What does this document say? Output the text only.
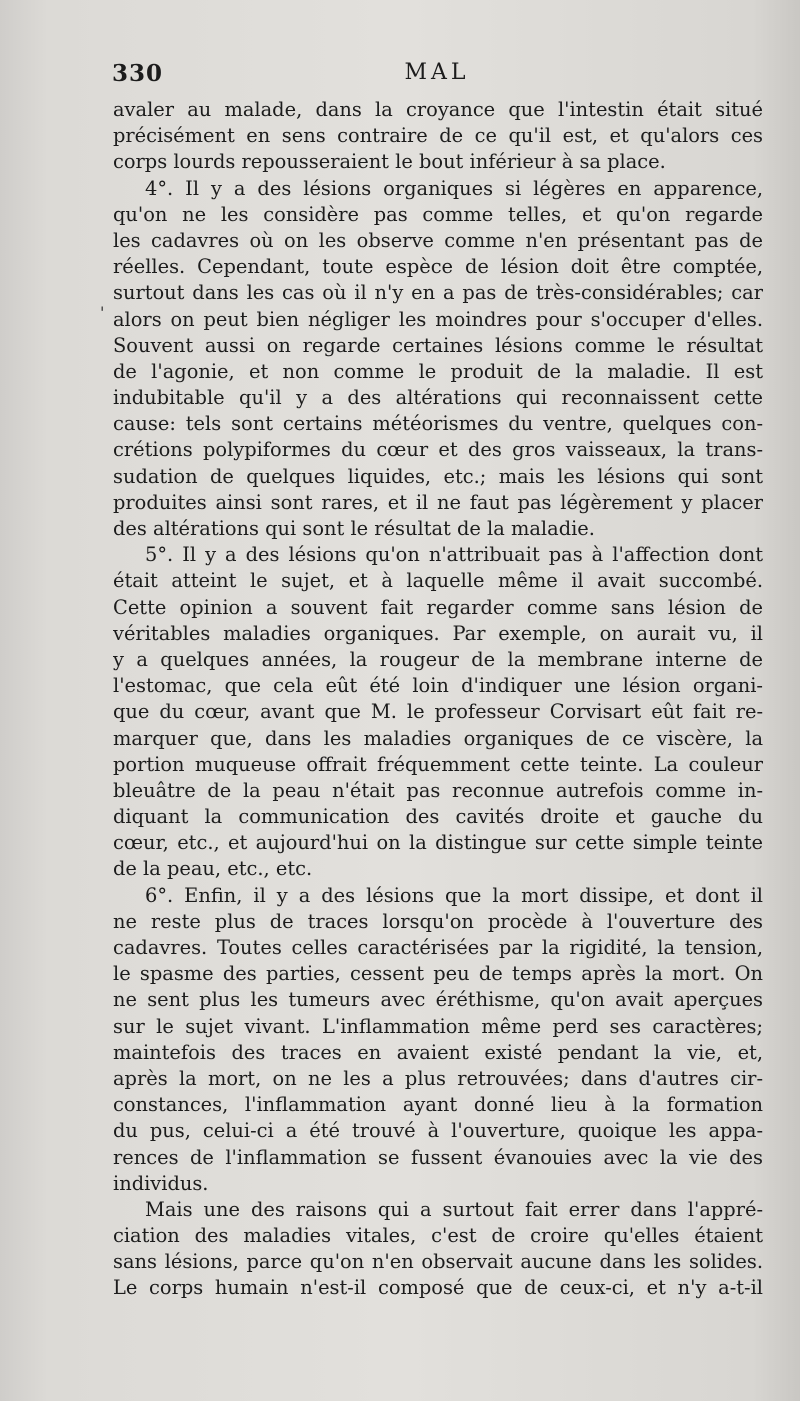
330	MAL
'
avaler au malade, dans la croyance que l'intestin était situé
précisément en sens contraire de ce qu'il est, et qu'alors ces
corps lourds repousseraient le bout inférieur à sa place.
4°. Il y a des lésions organiques si légères en apparence,
qu'on ne les considère pas comme telles, et qu'on regarde
les cadavres où on les observe comme n'en présentant pas de
réelles. Cependant, toute espèce de lésion doit être comptée,
surtout dans les cas où il n'y en a pas de très-considérables; car
alors on peut bien négliger les moindres pour s'occuper d'elles.
Souvent aussi on regarde certaines lésions comme le résultat
de l'agonie, et non comme le produit de la maladie. Il est
indubitable qu'il y a des altérations qui reconnaissent cette
cause: tels sont certains météorismes du ventre, quelques con-
crétions polypiformes du cœur et des gros vaisseaux, la trans-
sudation de quelques liquides, etc.; mais les lésions qui sont
produites ainsi sont rares, et il ne faut pas légèrement y placer
des altérations qui sont le résultat de la maladie.
5°. Il y a des lésions qu'on n'attribuait pas à l'affection dont
était atteint le sujet, et à laquelle même il avait succombé.
Cette opinion a souvent fait regarder comme sans lésion de
véritables maladies organiques. Par exemple, on aurait vu, il
y a quelques années, la rougeur de la membrane interne de
l'estomac, que cela eût été loin d'indiquer une lésion organi-
que du cœur, avant que M. le professeur Corvisart eût fait re-
marquer que, dans les maladies organiques de ce viscère, la
portion muqueuse offrait fréquemment cette teinte. La couleur
bleuâtre de la peau n'était pas reconnue autrefois comme in-
diquant la communication des cavités droite et gauche du
cœur, etc., et aujourd'hui on la distingue sur cette simple teinte
de la peau, etc., etc.
6°. Enfin, il y a des lésions que la mort dissipe, et dont il
ne reste plus de traces lorsqu'on procède à l'ouverture des
cadavres. Toutes celles caractérisées par la rigidité, la tension,
le spasme des parties, cessent peu de temps après la mort. On
ne sent plus les tumeurs avec éréthisme, qu'on avait aperçues
sur le sujet vivant. L'inflammation même perd ses caractères;
maintefois des traces en avaient existé pendant la vie, et,
après la mort, on ne les a plus retrouvées; dans d'autres cir-
constances, l'inflammation ayant donné lieu à la formation
du pus, celui-ci a été trouvé à l'ouverture, quoique les appa-
rences de l'inflammation se fussent évanouies avec la vie des
individus.
Mais une des raisons qui a surtout fait errer dans l'appré-
ciation des maladies vitales, c'est de croire qu'elles étaient
sans lésions, parce qu'on n'en observait aucune dans les solides.
Le corps humain n'est-il composé que de ceux-ci, et n'y a-t-il
